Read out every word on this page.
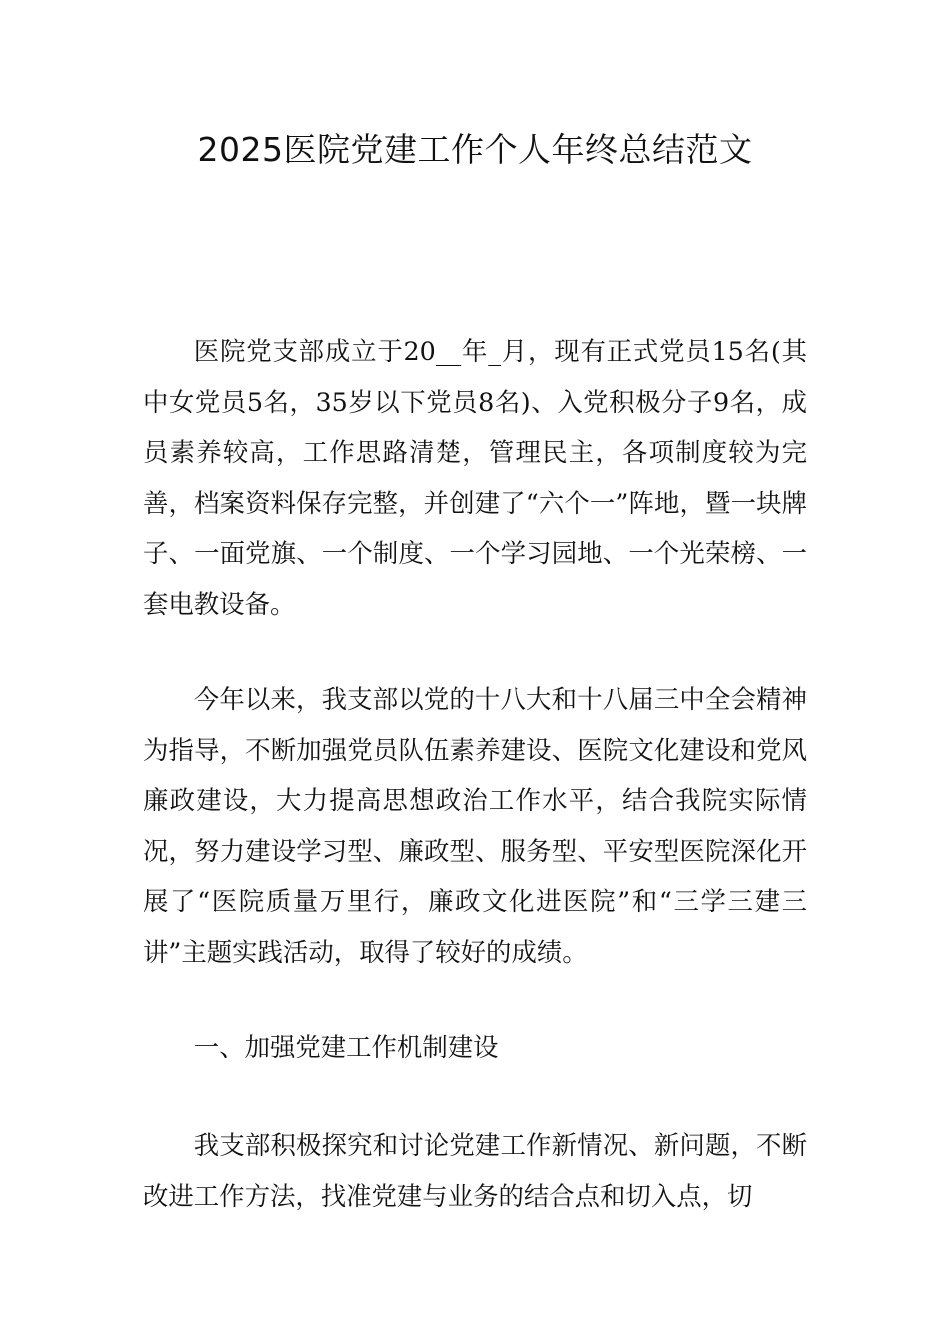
2025医院党建工作个人年终总结范文

医院党支部成立于20__年_月，现有正式党员15名(其中女党员5名，35岁以下党员8名)、入党积极分子9名，成员素养较高，工作思路清楚，管理民主，各项制度较为完善，档案资料保存完整，并创建了“六个一”阵地，暨一块牌子、一面党旗、一个制度、一个学习园地、一个光荣榜、一套电教设备。

今年以来，我支部以党的十八大和十八届三中全会精神为指导，不断加强党员队伍素养建设、医院文化建设和党风廉政建设，大力提高思想政治工作水平，结合我院实际情况，努力建设学习型、廉政型、服务型、平安型医院深化开展了“医院质量万里行，廉政文化进医院”和“三学三建三讲”主题实践活动，取得了较好的成绩。

一、加强党建工作机制建设

我支部积极探究和讨论党建工作新情况、新问题，不断改进工作方法，找准党建与业务的结合点和切入点，切
